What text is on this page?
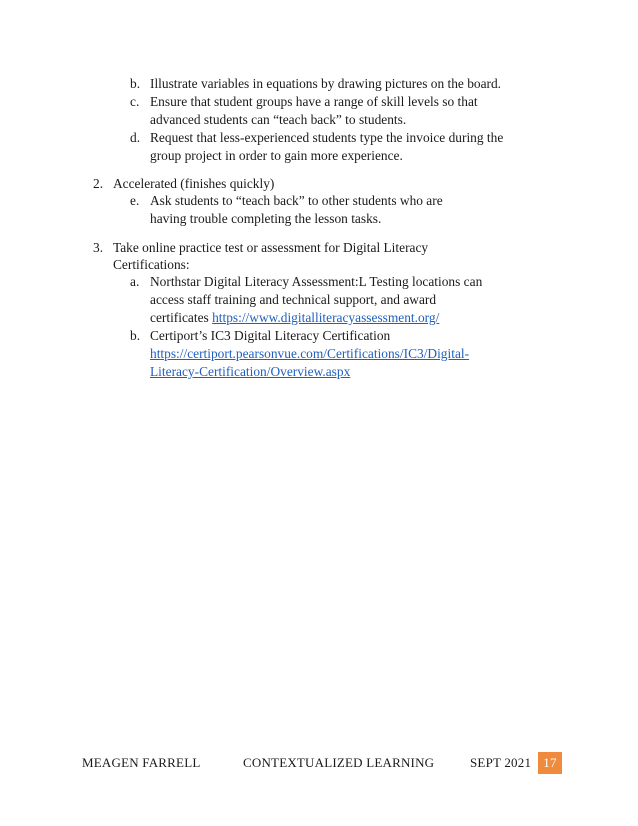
b. Illustrate variables in equations by drawing pictures on the board.
c. Ensure that student groups have a range of skill levels so that
advanced students can “teach back” to students.
d. Request that less-experienced students type the invoice during the
group project in order to gain more experience.
2. Accelerated (finishes quickly)
e. Ask students to “teach back” to other students who are
having trouble completing the lesson tasks.
3. Take online practice test or assessment for Digital Literacy
Certifications:
a. Northstar Digital Literacy Assessment:L Testing locations can
access staff training and technical support, and award
certificates https://www.digitalliteracyassessment.org/
b. Certiport’s IC3 Digital Literacy Certification
https://certiport.pearsonvue.com/Certifications/IC3/Digital-
Literacy-Certification/Overview.aspx
MEAGEN FARRELL	CONTEXTUALIZED LEARNING	SEPT 2021 17
